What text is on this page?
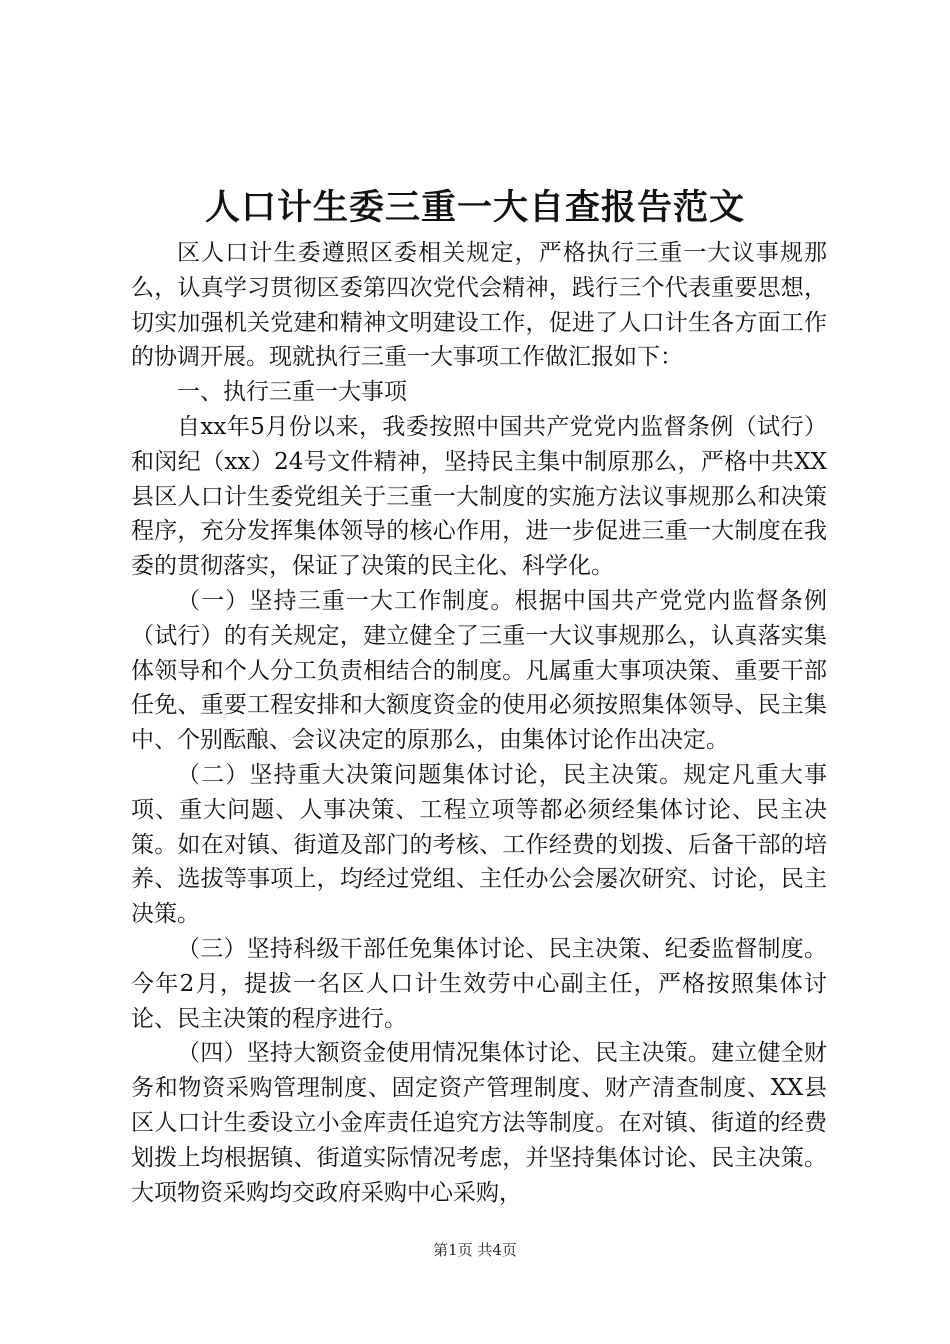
人口计生委三重一大自查报告范文

区人口计生委遵照区委相关规定，严格执行三重一大议事规那么，认真学习贯彻区委第四次党代会精神，践行三个代表重要思想，切实加强机关党建和精神文明建设工作，促进了人口计生各方面工作的协调开展。现就执行三重一大事项工作做汇报如下：

一、执行三重一大事项

自xx年5月份以来，我委按照中国共产党党内监督条例（试行）和闵纪（xx）24号文件精神，坚持民主集中制原那么，严格中共XX县区人口计生委党组关于三重一大制度的实施方法议事规那么和决策程序，充分发挥集体领导的核心作用，进一步促进三重一大制度在我委的贯彻落实，保证了决策的民主化、科学化。

（一）坚持三重一大工作制度。根据中国共产党党内监督条例（试行）的有关规定，建立健全了三重一大议事规那么，认真落实集体领导和个人分工负责相结合的制度。凡属重大事项决策、重要干部任免、重要工程安排和大额度资金的使用必须按照集体领导、民主集中、个别酝酿、会议决定的原那么，由集体讨论作出决定。

（二）坚持重大决策问题集体讨论，民主决策。规定凡重大事项、重大问题、人事决策、工程立项等都必须经集体讨论、民主决策。如在对镇、街道及部门的考核、工作经费的划拨、后备干部的培养、选拔等事项上，均经过党组、主任办公会屡次研究、讨论，民主决策。

（三）坚持科级干部任免集体讨论、民主决策、纪委监督制度。今年2月，提拔一名区人口计生效劳中心副主任，严格按照集体讨论、民主决策的程序进行。

（四）坚持大额资金使用情况集体讨论、民主决策。建立健全财务和物资采购管理制度、固定资产管理制度、财产清查制度、XX县区人口计生委设立小金库责任追究方法等制度。在对镇、街道的经费划拨上均根据镇、街道实际情况考虑，并坚持集体讨论、民主决策。大项物资采购均交政府采购中心采购，

第1页 共4页
